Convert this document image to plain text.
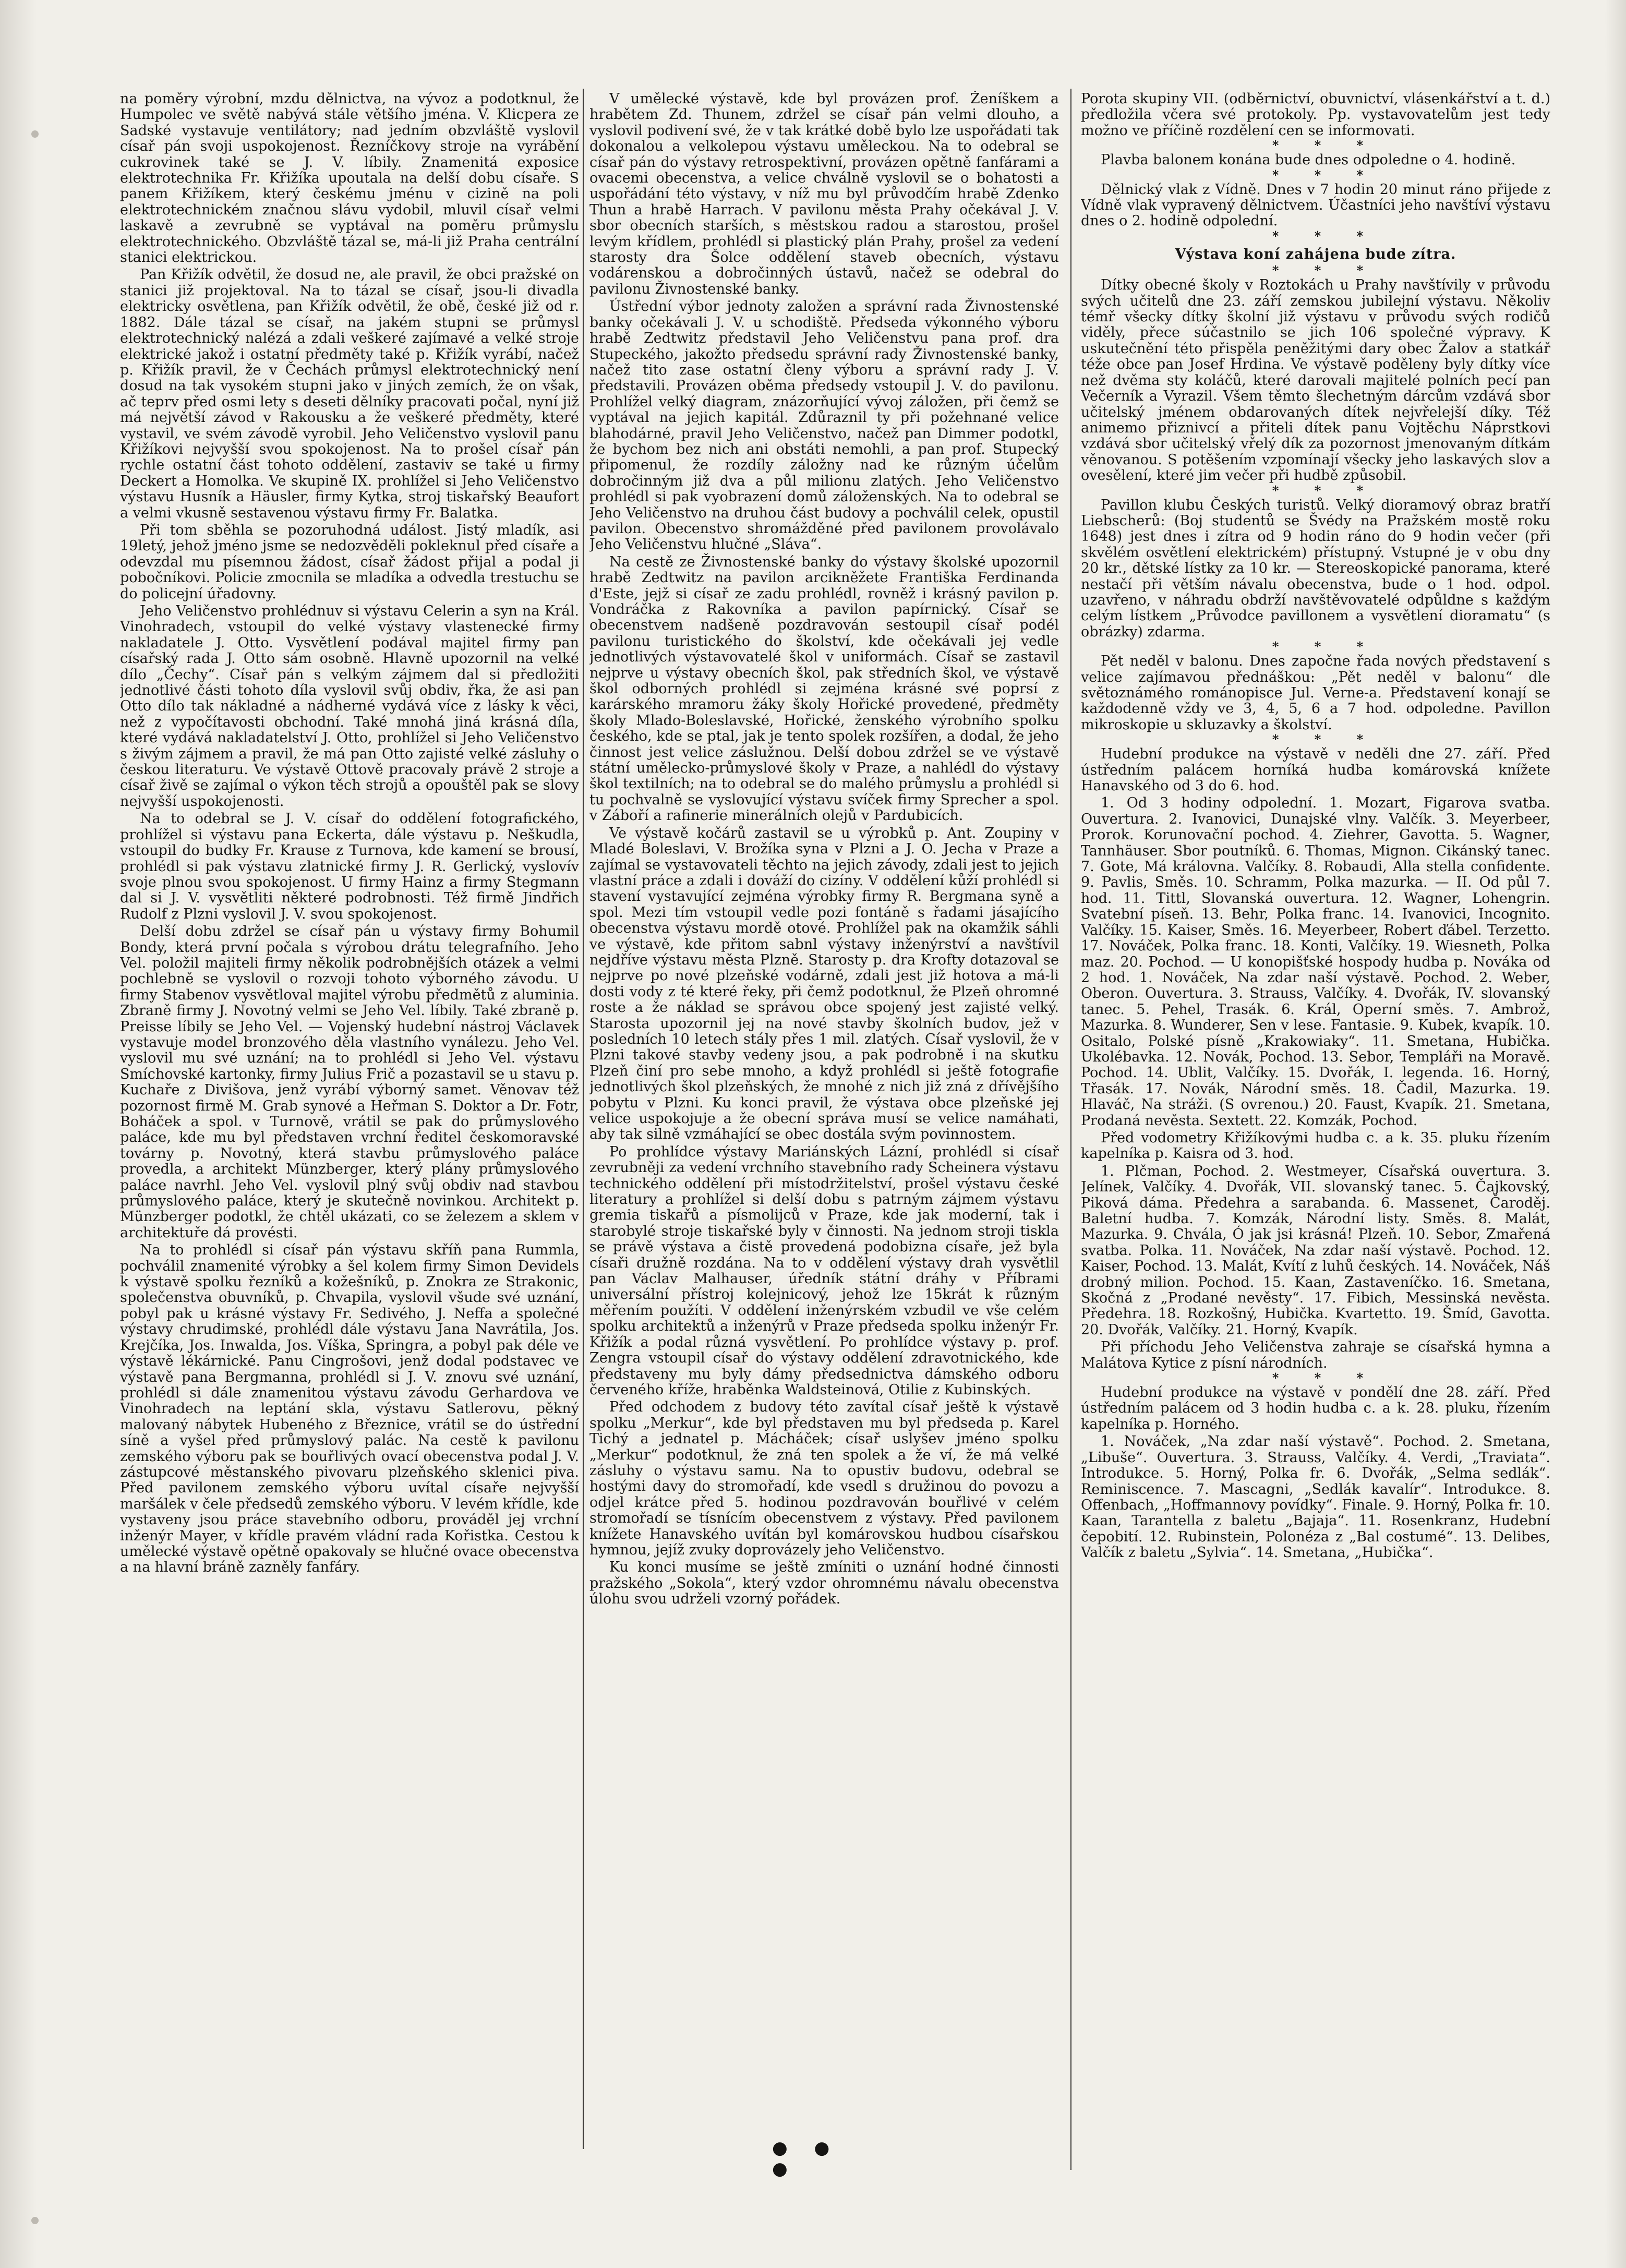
na poměry výrobní, mzdu dělnictva, na vývoz a podotknul, že Humpolec ve světě nabývá stále většího jména. V. Klicpera ze Sadské vystavuje ventilátory; nad jedním obzvláště vyslovil císař pán svoji uspokojenost. Řezníčkovy stroje na vyrábění cukrovinek také se J. V. líbily. Znamenitá exposice elektrotechnika Fr. Křižíka upoutala na delší dobu císaře. S panem Křižíkem, který českému jménu v cizině na poli elektrotechnickém značnou slávu vydobil, mluvil císař velmi laskavě a zevrubně se vyptával na poměru průmyslu elektrotechnického. Obzvláště tázal se, má-li již Praha centrální stanici elektrickou.

Pan Křižík odvětil, že dosud ne, ale pravil, že obci pražské on stanici již projektoval. Na to tázal se císař, jsou-li divadla elektricky osvětlena, pan Křižík odvětil, že obě, české již od r. 1882. Dále tázal se císař, na jakém stupni se průmysl elektrotechnický nalézá a zdali veškeré zajímavé a velké stroje elektrické jakož i ostatní předměty také p. Křižík vyrábí, načež p. Křižík pravil, že v Čechách průmysl elektrotechnický není dosud na tak vysokém stupni jako v jiných zemích, že on však, ač teprv před osmi lety s deseti dělníky pracovati počal, nyní již má největší závod v Rakousku a že veškeré předměty, které vystavil, ve svém závodě vyrobil. Jeho Veličenstvo vyslovil panu Křižíkovi nejvyšší svou spokojenost. Na to prošel císař pán rychle ostatní část tohoto oddělení, zastaviv se také u firmy Deckert a Homolka. Ve skupině IX. prohlížel si Jeho Veličenstvo výstavu Husník a Häusler, firmy Kytka, stroj tiskařský Beaufort a velmi vkusně sestavenou výstavu firmy Fr. Balatka.

Při tom sběhla se pozoruhodná událost. Jistý mladík, asi 19letý, jehož jméno jsme se nedozvěděli pokleknul před císaře a odevzdal mu písemnou žádost, císař žádost přijal a podal ji pobočníkovi. Policie zmocnila se mladíka a odvedla trestuchu se do policejní úřadovny.

Jeho Veličenstvo prohlédnuv si výstavu Celerin a syn na Král. Vinohradech, vstoupil do velké výstavy vlastenecké firmy nakladatele J. Otto. Vysvětlení podával majitel firmy pan císařský rada J. Otto sám osobně. Hlavně upozornil na velké dílo „Čechy“. Císař pán s velkým zájmem dal si předložiti jednotlivé části tohoto díla vyslovil svůj obdiv, řka, že asi pan Otto dílo tak nákladné a nádherné vydává více z lásky k věci, než z vypočítavosti obchodní. Také mnohá jiná krásná díla, které vydává nakladatelství J. Otto, prohlížel si Jeho Veličenstvo s živým zájmem a pravil, že má pan Otto zajisté velké zásluhy o českou literaturu. Ve výstavě Ottově pracovaly právě 2 stroje a císař živě se zajímal o výkon těch strojů a opouštěl pak se slovy nejvyšší uspokojenosti.

Na to odebral se J. V. císař do oddělení fotografického, prohlížel si výstavu pana Eckerta, dále výstavu p. Neškudla, vstoupil do budky Fr. Krause z Turnova, kde kamení se brousí, prohlédl si pak výstavu zlatnické firmy J. R. Gerlický, vyslovív svoje plnou svou spokojenost. U firmy Hainz a firmy Stegmann dal si J. V. vysvětliti některé podrobnosti. Též firmě Jindřich Rudolf z Plzni vyslovil J. V. svou spokojenost.

Delší dobu zdržel se císař pán u výstavy firmy Bohumil Bondy, která první počala s výrobou drátu telegrafního. Jeho Vel. položil majiteli firmy několik podrobnějších otázek a velmi pochlebně se vyslovil o rozvoji tohoto výborného závodu. U firmy Stabenov vysvětloval majitel výrobu předmětů z aluminia. Zbraně firmy J. Novotný velmi se Jeho Vel. líbily. Také zbraně p. Preisse líbily se Jeho Vel. — Vojenský hudební nástroj Václavek vystavuje model bronzového děla vlastního vynálezu. Jeho Vel. vyslovil mu své uznání; na to prohlédl si Jeho Vel. výstavu Smíchovské kartonky, firmy Julius Frič a pozastavil se u stavu p. Kuchaře z Divišova, jenž vyrábí výborný samet. Věnovav též pozornost firmě M. Grab synové a Heřman S. Doktor a Dr. Fotr, Boháček a spol. v Turnově, vrátil se pak do průmyslového paláce, kde mu byl představen vrchní ředitel českomoravské továrny p. Novotný, která stavbu průmyslového paláce provedla, a architekt Münzberger, který plány průmyslového paláce navrhl. Jeho Vel. vyslovil plný svůj obdiv nad stavbou průmyslového paláce, který je skutečně novinkou. Architekt p. Münzberger podotkl, že chtěl ukázati, co se železem a sklem v architektuře dá provésti.

Na to prohlédl si císař pán výstavu skříň pana Rummla, pochválil znamenité výrobky a šel kolem firmy Simon Devidels k výstavě spolku řezníků a kožešníků, p. Znokra ze Strakonic, společenstva obuvníků, p. Chvapila, vyslovil všude své uznání, pobyl pak u krásné výstavy Fr. Sedivého, J. Neffa a společné výstavy chrudimské, prohlédl dále výstavu Jana Navrátila, Jos. Krejčíka, Jos. Inwalda, Jos. Víška, Springra, a pobyl pak déle ve výstavě lékárnické. Panu Cingrošovi, jenž dodal podstavec ve výstavě pana Bergmanna, prohlédl si J. V. znovu své uznání, prohlédl si dále znamenitou výstavu závodu Gerhardova ve Vinohradech na leptání skla, výstavu Satlerovu, pěkný malovaný nábytek Hubeného z Březnice, vrátil se do ústřední síně a vyšel před průmyslový palác. Na cestě k pavilonu zemského výboru pak se bouřlivých ovací obecenstva podal J. V. zástupcové městanského pivovaru plzeňského sklenici piva. Před pavilonem zemského výboru uvítal císaře nejvyšší maršálek v čele předsedů zemského výboru. V levém křídle, kde vystaveny jsou práce stavebního odboru, prováděl jej vrchní inženýr Mayer, v křídle pravém vládní rada Kořistka. Cestou k umělecké výstavě opětně opakovaly se hlučné ovace obecenstva a na hlavní bráně zazněly fanfáry.

V umělecké výstavě, kde byl provázen prof. Ženíškem a hrabětem Zd. Thunem, zdržel se císař pán velmi dlouho, a vyslovil podivení své, že v tak krátké době bylo lze uspořádati tak dokonalou a velkolepou výstavu uměleckou. Na to odebral se císař pán do výstavy retrospektivní, provázen opětně fanfárami a ovacemi obecenstva, a velice chválně vyslovil se o bohatosti a uspořádání této výstavy, v níž mu byl průvodčím hrabě Zdenko Thun a hrabě Harrach. V pavilonu města Prahy očekával J. V. sbor obecních starších, s městskou radou a starostou, prošel levým křídlem, prohlédl si plastický plán Prahy, prošel za vedení starosty dra Šolce oddělení staveb obecních, výstavu vodárenskou a dobročinných ústavů, načež se odebral do pavilonu Živnostenské banky.

Ústřední výbor jednoty založen a správní rada Živnostenské banky očekávali J. V. u schodiště. Předseda výkonného výboru hrabě Zedtwitz představil Jeho Veličenstvu pana prof. dra Stupeckého, jakožto předsedu správní rady Živnostenské banky, načež tito zase ostatní členy výboru a správní rady J. V. představili. Provázen oběma předsedy vstoupil J. V. do pavilonu. Prohlížel velký diagram, znázorňující vývoj záložen, při čemž se vyptával na jejich kapitál. Zdůraznil ty při požehnané velice blahodárné, pravil Jeho Veličenstvo, načež pan Dimmer podotkl, že bychom bez nich ani obstáti nemohli, a pan prof. Stupecký připomenul, že rozdíly záložny nad ke různým účelům dobročinným již dva a půl milionu zlatých. Jeho Veličenstvo prohlédl si pak vyobrazení domů záloženských. Na to odebral se Jeho Veličenstvo na druhou část budovy a pochválil celek, opustil pavilon. Obecenstvo shromážděné před pavilonem provolávalo Jeho Veličenstvu hlučné „Sláva“.

Na cestě ze Živnostenské banky do výstavy školské upozornil hrabě Zedtwitz na pavilon arcikněžete Františka Ferdinanda d'Este, jejž si císař ze zadu prohlédl, rovněž i krásný pavilon p. Vondráčka z Rakovníka a pavilon papírnický. Císař se obecenstvem nadšeně pozdravován sestoupil císař podél pavilonu turistického do školství, kde očekávali jej vedle jednotlivých výstavovatelé škol v uniformách. Císař se zastavil nejprve u výstavy obecních škol, pak středních škol, ve výstavě škol odborných prohlédl si zejména krásné své poprsí z karárského mramoru žáky školy Hořické provedené, předměty školy Mlado-Boleslavské, Hořické, ženského výrobního spolku českého, kde se ptal, jak je tento spolek rozšířen, a dodal, že jeho činnost jest velice záslužnou. Delší dobou zdržel se ve výstavě státní umělecko-průmyslové školy v Praze, a nahlédl do výstavy škol textilních; na to odebral se do malého průmyslu a prohlédl si tu pochvalně se vyslovující výstavu svíček firmy Sprecher a spol. v Záboří a rafinerie minerálních olejů v Pardubicích.

Ve výstavě kočárů zastavil se u výrobků p. Ant. Zoupiny v Mladé Boleslavi, V. Brožíka syna v Plzni a J. O. Jecha v Praze a zajímal se vystavovateli těchto na jejich závody, zdali jest to jejich vlastní práce a zdali i dováží do cizíny. V oddělení kůží prohlédl si stavení vystavující zejména výrobky firmy R. Bergmana syně a spol. Mezi tím vstoupil vedle pozi fontáně s řadami jásajícího obecenstva výstavu mordě otové. Prohlížel pak na okamžik sáhli ve výstavě, kde přitom sabnl výstavy inženýrství a navštívil nejdříve výstavu města Plzně. Starosty p. dra Krofty dotazoval se nejprve po nové plzeňské vodárně, zdali jest již hotova a má-li dosti vody z té které řeky, při čemž podotknul, že Plzeň ohromné roste a že náklad se správou obce spojený jest zajisté velký. Starosta upozornil jej na nové stavby školních budov, jež v posledních 10 letech stály přes 1 mil. zlatých. Císař vyslovil, že v Plzni takové stavby vedeny jsou, a pak podrobně i na skutku Plzeň činí pro sebe mnoho, a když prohlédl si ještě fotografie jednotlivých škol plzeňských, že mnohé z nich již zná z dřívějšího pobytu v Plzni. Ku konci pravil, že výstava obce plzeňské jej velice uspokojuje a že obecní správa musí se velice namáhati, aby tak silně vzmáhající se obec dostála svým povinnostem.

Po prohlídce výstavy Mariánských Lázní, prohlédl si císař zevrubněji za vedení vrchního stavebního rady Scheinera výstavu technického oddělení při místodržitelství, prošel výstavu české literatury a prohlížel si delší dobu s patrným zájmem výstavu gremia tiskařů a písmolijců v Praze, kde jak moderní, tak i starobylé stroje tiskařské byly v činnosti. Na jednom stroji tiskla se právě výstava a čistě provedená podobizna císaře, jež byla císaři družně rozdána. Na to v oddělení výstavy drah vysvětlil pan Václav Malhauser, úředník státní dráhy v Příbrami universální přístroj kolejnicový, jehož lze 15krát k různým měřením použíti. V oddělení inženýrském vzbudil ve vše celém spolku architektů a inženýrů v Praze předseda spolku inženýr Fr. Křižík a podal různá vysvětlení. Po prohlídce výstavy p. prof. Zengra vstoupil císař do výstavy oddělení zdravotnického, kde představeny mu byly dámy předsednictva dámského odboru červeného kříže, hraběnka Waldsteinová, Otilie z Kubinských.

Před odchodem z budovy této zavítal císař ještě k výstavě spolku „Merkur“, kde byl představen mu byl předseda p. Karel Tichý a jednatel p. Mácháček; císař uslyšev jméno spolku „Merkur“ podotknul, že zná ten spolek a že ví, že má velké zásluhy o výstavu samu. Na to opustiv budovu, odebral se hostými davy do stromořadí, kde vsedl s družinou do povozu a odjel krátce před 5. hodinou pozdravován bouřlivé v celém stromořadí se tísnícím obecenstvem z výstavy. Před pavilonem knížete Hanavského uvítán byl komárovskou hudbou císařskou hymnou, jejíž zvuky doprovázely jeho Veličenstvo.

Ku konci musíme se ještě zmíniti o uznání hodné činnosti pražského „Sokola“, který vzdor ohromnému návalu obecenstva úlohu svou udrželi vzorný pořádek.

Porota skupiny VII. (odběrnictví, obuvnictví, vlásenkářství a t. d.) předložila včera své protokoly. Pp. vystavovatelům jest tedy možno ve příčině rozdělení cen se informovati.

* * *

Plavba balonem konána bude dnes odpoledne o 4. hodině.

* * *

Dělnický vlak z Vídně. Dnes v 7 hodin 20 minut ráno přijede z Vídně vlak vypravený dělnictvem. Účastníci jeho navštíví výstavu dnes o 2. hodině odpolední.

* * *

Výstava koní zahájena bude zítra.

* * *

Dítky obecné školy v Roztokách u Prahy navštívily v průvodu svých učitelů dne 23. září zemskou jubilejní výstavu. Několiv témř všecky dítky školní již výstavu v průvodu svých rodičů viděly, přece súčastnilo se jich 106 společné výpravy. K uskutečnění této přispěla peněžitými dary obec Žalov a statkář téže obce pan Josef Hrdina. Ve výstavě poděleny byly dítky více než dvěma sty koláčů, které darovali majitelé polních pecí pan Večerník a Vyrazil. Všem těmto šlechetným dárcům vzdává sbor učitelský jménem obdarovaných dítek nejvřelejší díky. Též animemo přiznivcí a přiteli dítek panu Vojtěchu Náprstkovi vzdává sbor učitelský vřelý dík za pozornost jmenovaným dítkám věnovanou. S potěšením vzpomínají všecky jeho laskavých slov a ovesělení, které jim večer při hudbě způsobil.

* * *

Pavillon klubu Českých turistů. Velký dioramový obraz bratří Liebscherů: (Boj studentů se Švédy na Pražském mostě roku 1648) jest dnes i zítra od 9 hodin ráno do 9 hodin večer (při skvělém osvětlení elektrickém) přístupný. Vstupné je v obu dny 20 kr., dětské lístky za 10 kr. — Stereoskopické panorama, které nestačí při větším návalu obecenstva, bude o 1 hod. odpol. uzavřeno, v náhradu obdrží navštěvovatelé odpůldne s každým celým lístkem „Průvodce pavillonem a vysvětlení dioramatu“ (s obrázky) zdarma.

* * *

Pět neděl v balonu. Dnes započne řada nových představení s velice zajímavou přednáškou: „Pět neděl v balonu“ dle světoznámého románopisce Jul. Verne-a. Představení konají se každodenně vždy ve 3, 4, 5, 6 a 7 hod. odpoledne. Pavillon mikroskopie u skluzavky a školství.

* * *

Hudební produkce na výstavě v neděli dne 27. září. Před ústředním palácem horníká hudba komárovská knížete Hanavského od 3 do 6. hod.

1. Od 3 hodiny odpolední. 1. Mozart, Figarova svatba. Ouvertura. 2. Ivanovici, Dunajské vlny. Valčík. 3. Meyerbeer, Prorok. Korunovační pochod. 4. Ziehrer, Gavotta. 5. Wagner, Tannhäuser. Sbor poutníků. 6. Thomas, Mignon. Cikánský tanec. 7. Gote, Má královna. Valčíky. 8. Robaudi, Alla stella confidente. 9. Pavlis, Směs. 10. Schramm, Polka mazurka. — II. Od půl 7. hod. 11. Tittl, Slovanská ouvertura. 12. Wagner, Lohengrin. Svatební píseň. 13. Behr, Polka franc. 14. Ivanovici, Incognito. Valčíky. 15. Kaiser, Směs. 16. Meyerbeer, Robert ďábel. Terzetto. 17. Nováček, Polka franc. 18. Konti, Valčíky. 19. Wiesneth, Polka maz. 20. Pochod. — U konopišťské hospody hudba p. Nováka od 2 hod. 1. Nováček, Na zdar naší výstavě. Pochod. 2. Weber, Oberon. Ouvertura. 3. Strauss, Valčíky. 4. Dvořák, IV. slovanský tanec. 5. Pehel, Trasák. 6. Král, Operní směs. 7. Ambrož, Mazurka. 8. Wunderer, Sen v lese. Fantasie. 9. Kubek, kvapík. 10. Ositalo, Polské písně „Krakowiaky“. 11. Smetana, Hubička. Ukolébavka. 12. Novák, Pochod. 13. Sebor, Templáři na Moravě. Pochod. 14. Ublit, Valčíky. 15. Dvořák, I. legenda. 16. Horný, Třasák. 17. Novák, Národní směs. 18. Čadil, Mazurka. 19. Hlaváč, Na stráži. (S ovrenou.) 20. Faust, Kvapík. 21. Smetana, Prodaná nevěsta. Sextett. 22. Komzák, Pochod.

Před vodometry Křižíkovými hudba c. a k. 35. pluku řízením kapelníka p. Kaisra od 3. hod.

1. Plčman, Pochod. 2. Westmeyer, Císařská ouvertura. 3. Jelínek, Valčíky. 4. Dvořák, VII. slovanský tanec. 5. Čajkovský, Piková dáma. Předehra a sarabanda. 6. Massenet, Čaroděj. Baletní hudba. 7. Komzák, Národní listy. Směs. 8. Malát, Mazurka. 9. Chvála, Ó jak jsi krásná! Plzeň. 10. Sebor, Zmařená svatba. Polka. 11. Nováček, Na zdar naší výstavě. Pochod. 12. Kaiser, Pochod. 13. Malát, Kvítí z luhů českých. 14. Nováček, Náš drobný milion. Pochod. 15. Kaan, Zastaveníčko. 16. Smetana, Skočná z „Prodané nevěsty“. 17. Fibich, Messinská nevěsta. Předehra. 18. Rozkošný, Hubička. Kvartetto. 19. Šmíd, Gavotta. 20. Dvořák, Valčíky. 21. Horný, Kvapík.

Při příchodu Jeho Veličenstva zahraje se císařská hymna a Malátova Kytice z písní národních.

* * *

Hudební produkce na výstavě v pondělí dne 28. září. Před ústředním palácem od 3 hodin hudba c. a k. 28. pluku, řízením kapelníka p. Horného.

1. Nováček, „Na zdar naší výstavě“. Pochod. 2. Smetana, „Libuše“. Ouvertura. 3. Strauss, Valčíky. 4. Verdi, „Traviata“. Introdukce. 5. Horný, Polka fr. 6. Dvořák, „Selma sedlák“. Reminiscence. 7. Mascagni, „Sedlák kavalír“. Introdukce. 8. Offenbach, „Hoffmannovy povídky“. Finale. 9. Horný, Polka fr. 10. Kaan, Tarantella z baletu „Bajaja“. 11. Rosenkranz, Hudební čepobití. 12. Rubinstein, Polonéza z „Bal costumé“. 13. Delibes, Valčík z baletu „Sylvia“. 14. Smetana, „Hubička“.

● ● ●
